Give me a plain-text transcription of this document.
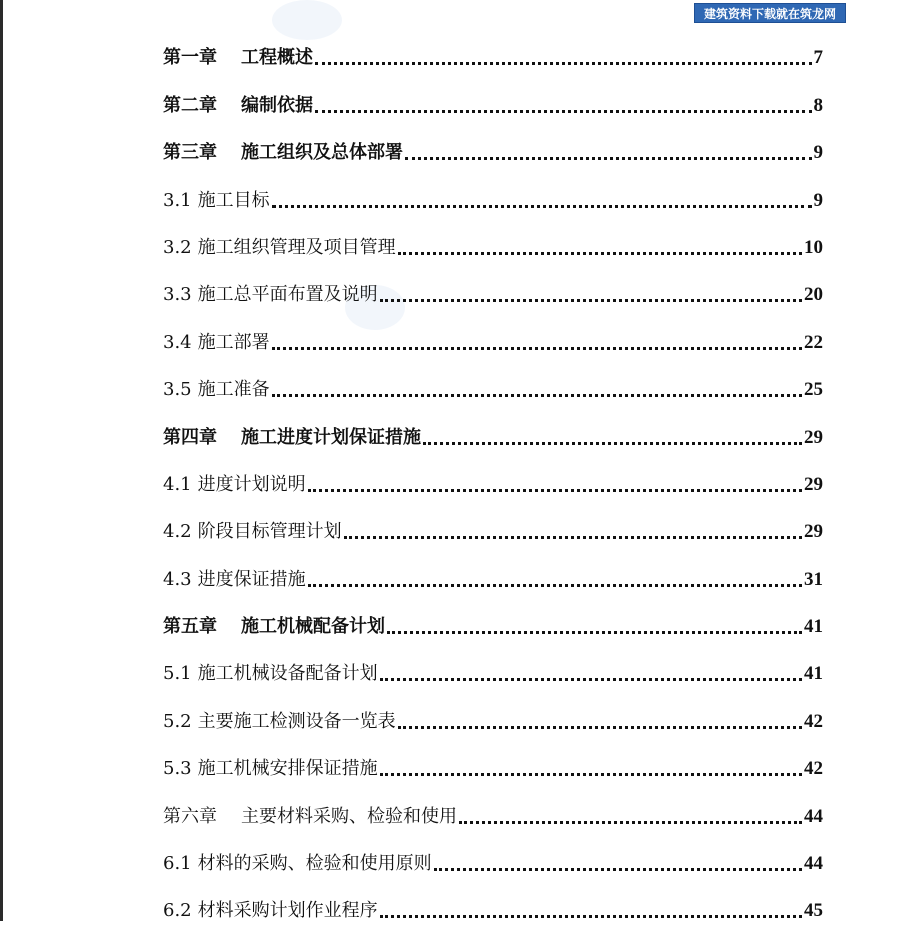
建筑资料下载就在筑龙网
第一章 工程概述	7
第二章 编制依据	8
第三章 施工组织及总体部署	9
3.1 施工目标	9
3.2 施工组织管理及项目管理	10
3.3 施工总平面布置及说明	20
3.4 施工部署	22
3.5 施工准备	25
第四章 施工进度计划保证措施	29
4.1 进度计划说明	29
4.2 阶段目标管理计划	29
4.3 进度保证措施	31
第五章 施工机械配备计划	41
5.1 施工机械设备配备计划	41
5.2 主要施工检测设备一览表	42
5.3 施工机械安排保证措施	42
第六章 主要材料采购、检验和使用	44
6.1 材料的采购、检验和使用原则	44
6.2 材料采购计划作业程序	45
